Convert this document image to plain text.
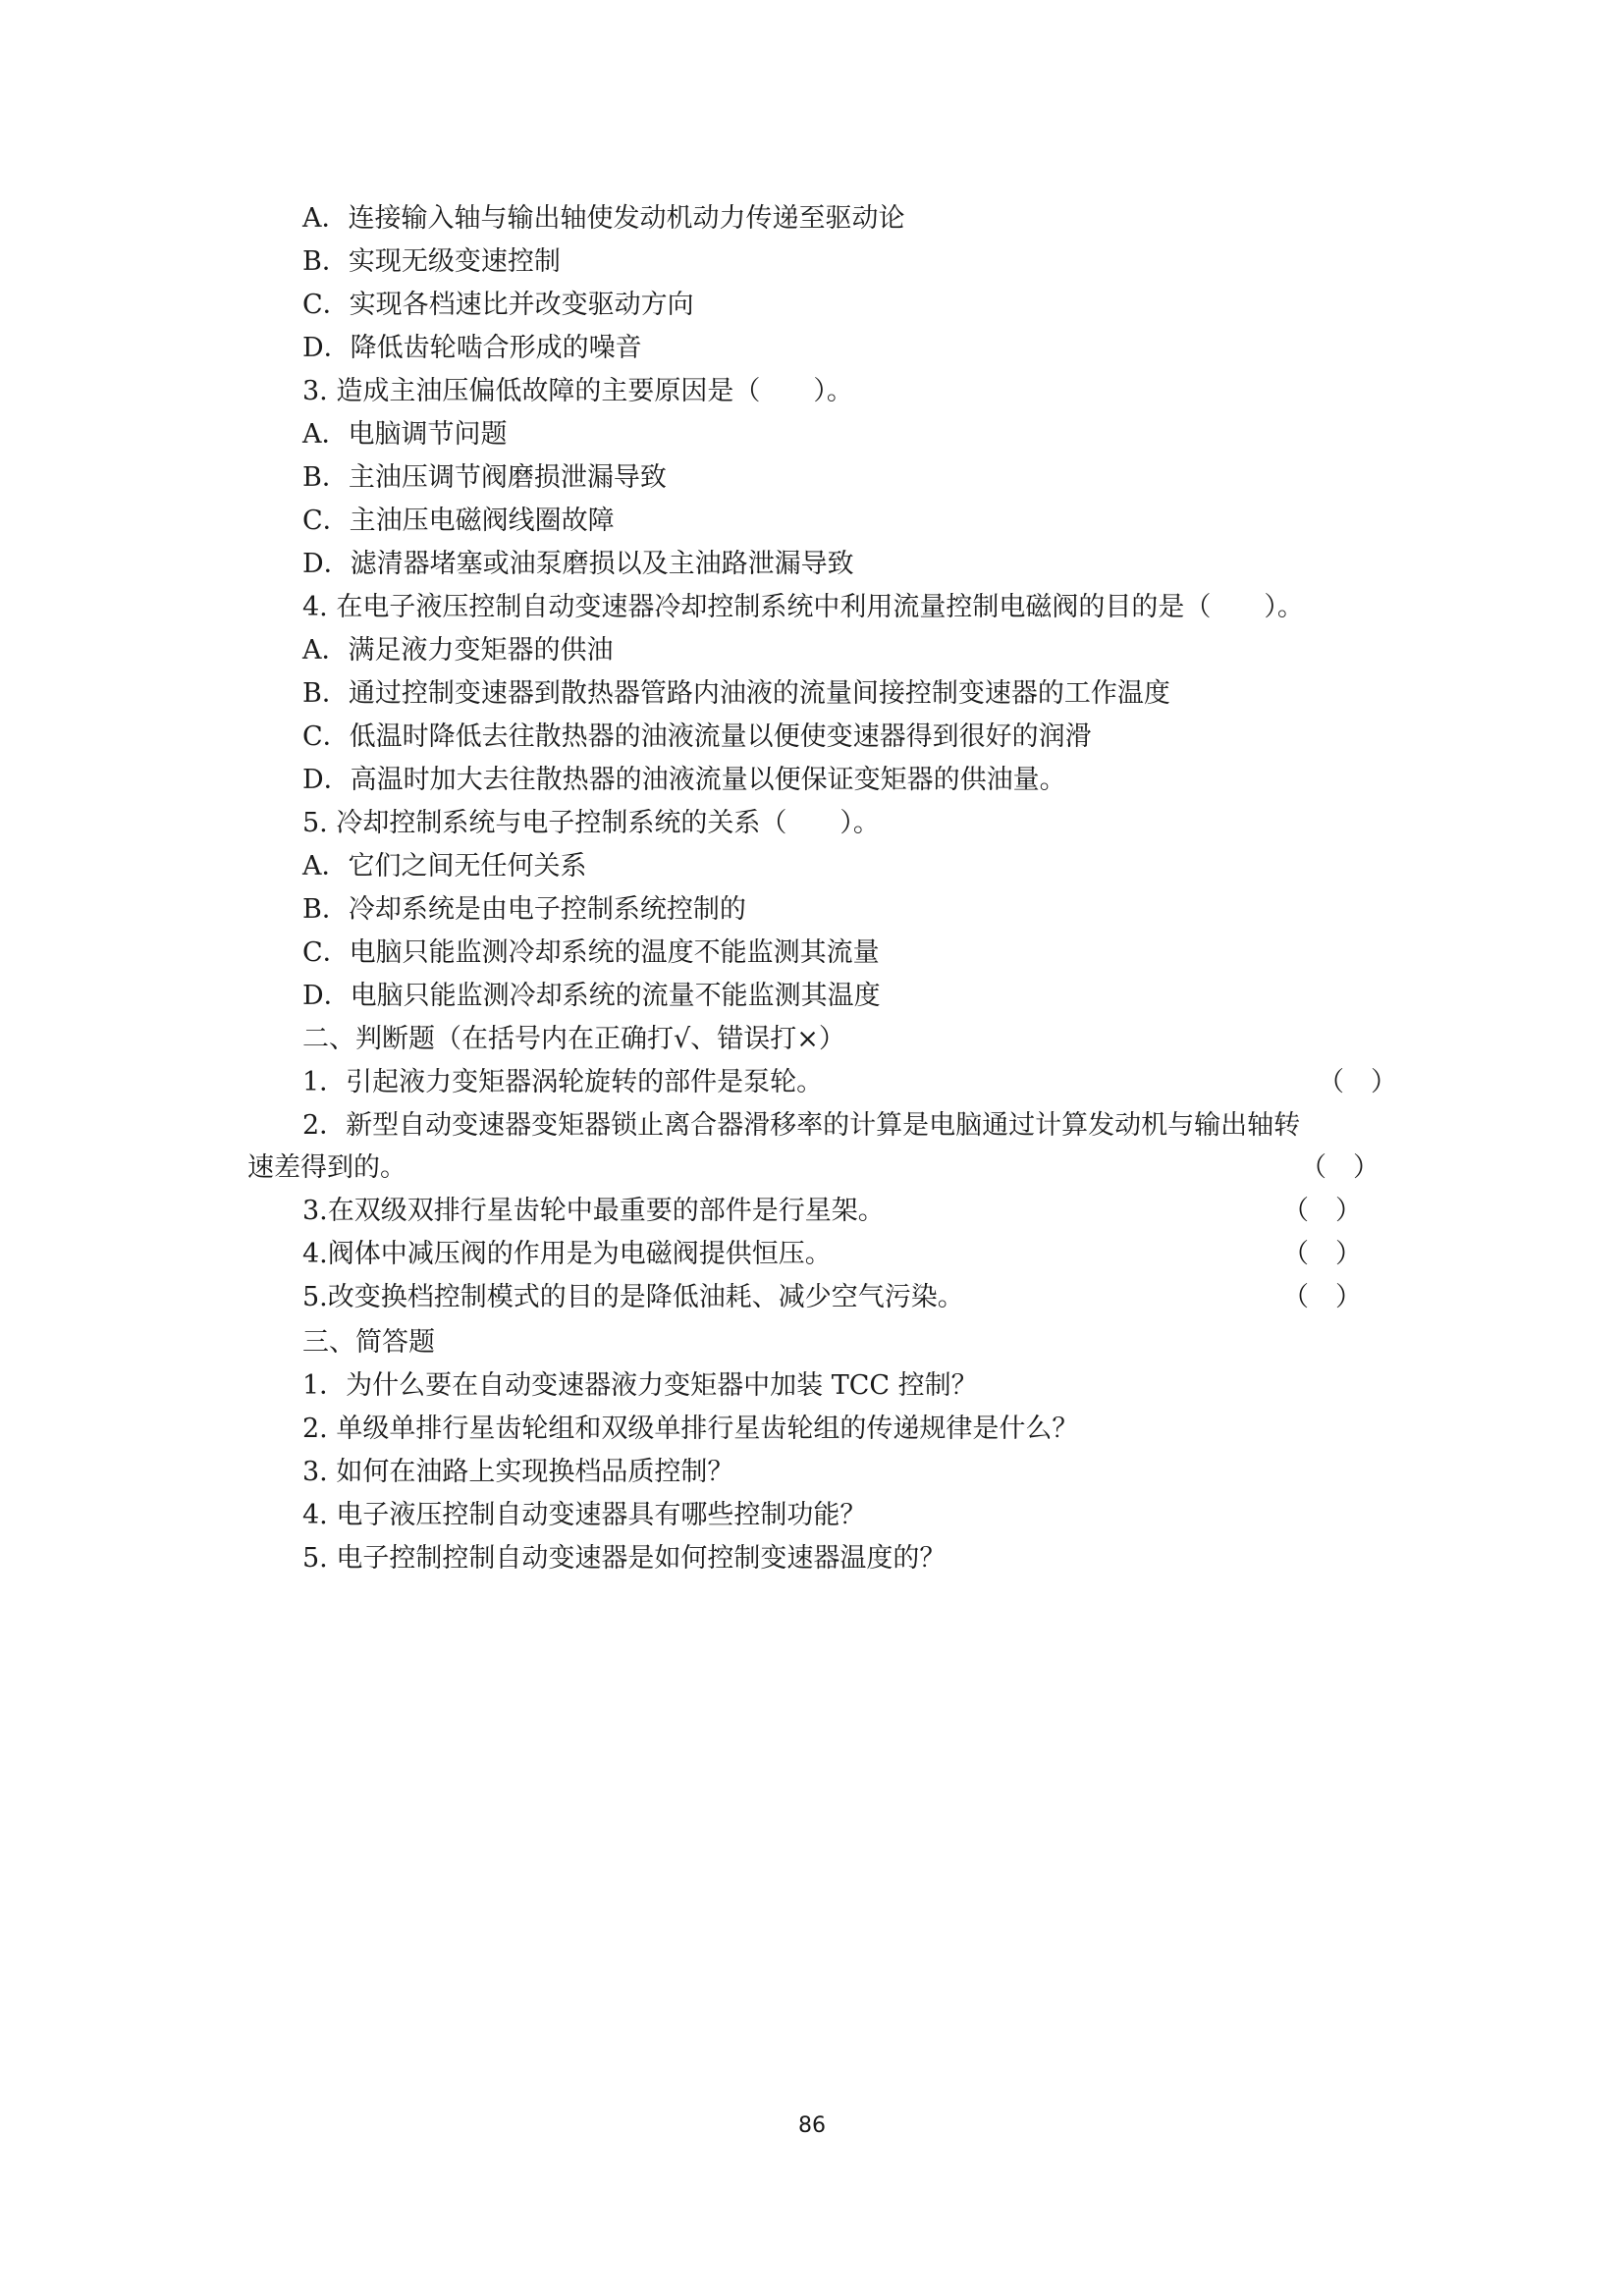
A．连接输入轴与输出轴使发动机动力传递至驱动论
B．实现无级变速控制
C．实现各档速比并改变驱动方向
D．降低齿轮啮合形成的噪音
3. 造成主油压偏低故障的主要原因是（　　）。
A．电脑调节问题
B．主油压调节阀磨损泄漏导致
C．主油压电磁阀线圈故障
D．滤清器堵塞或油泵磨损以及主油路泄漏导致
4. 在电子液压控制自动变速器冷却控制系统中利用流量控制电磁阀的目的是（　　）。
A．满足液力变矩器的供油
B．通过控制变速器到散热器管路内油液的流量间接控制变速器的工作温度
C．低温时降低去往散热器的油液流量以便使变速器得到很好的润滑
D．高温时加大去往散热器的油液流量以便保证变矩器的供油量。
5. 冷却控制系统与电子控制系统的关系（　　）。
A．它们之间无任何关系
B．冷却系统是由电子控制系统控制的
C．电脑只能监测冷却系统的温度不能监测其流量
D．电脑只能监测冷却系统的流量不能监测其温度
二、判断题（在括号内在正确打√、错误打×）
1．引起液力变矩器涡轮旋转的部件是泵轮。	（　）
2．新型自动变速器变矩器锁止离合器滑移率的计算是电脑通过计算发动机与输出轴转
速差得到的。	（　）
3.在双级双排行星齿轮中最重要的部件是行星架。	（　）
4.阀体中减压阀的作用是为电磁阀提供恒压。	（　）
5.改变换档控制模式的目的是降低油耗、减少空气污染。	（　）
三、简答题
1．为什么要在自动变速器液力变矩器中加装 TCC 控制？
2. 单级单排行星齿轮组和双级单排行星齿轮组的传递规律是什么？
3. 如何在油路上实现换档品质控制？
4. 电子液压控制自动变速器具有哪些控制功能？
5. 电子控制控制自动变速器是如何控制变速器温度的？
86
